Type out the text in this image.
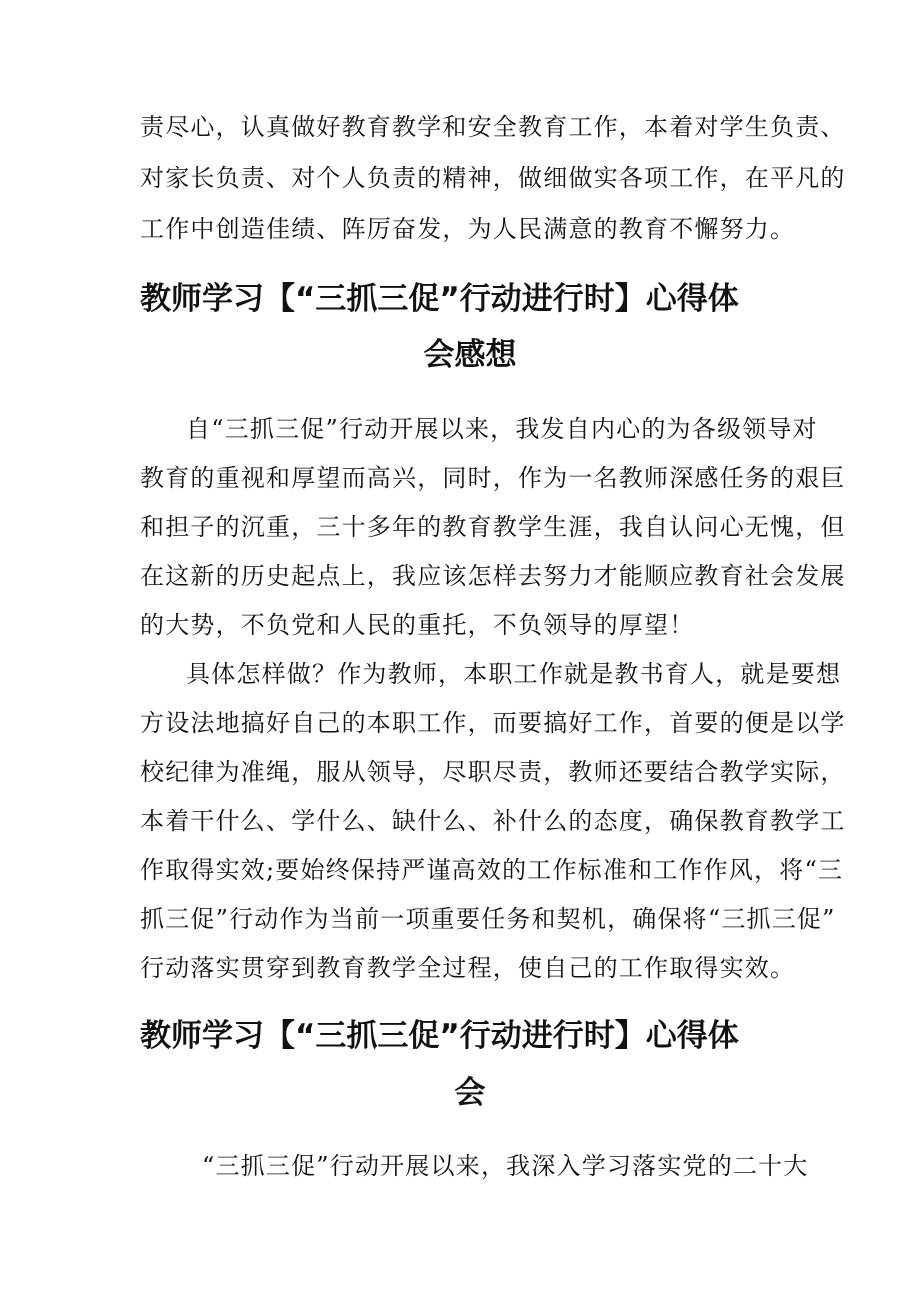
责尽心，认真做好教育教学和安全教育工作，本着对学生负责、
对家长负责、对个人负责的精神，做细做实各项工作，在平凡的
工作中创造佳绩、阵厉奋发，为人民满意的教育不懈努力。
教师学习【“三抓三促”行动进行时】心得体
会感想
自“三抓三促”行动开展以来，我发自内心的为各级领导对
教育的重视和厚望而高兴，同时，作为一名教师深感任务的艰巨
和担子的沉重，三十多年的教育教学生涯，我自认问心无愧，但
在这新的历史起点上，我应该怎样去努力才能顺应教育社会发展
的大势，不负党和人民的重托，不负领导的厚望！
具体怎样做？作为教师，本职工作就是教书育人，就是要想
方设法地搞好自己的本职工作，而要搞好工作，首要的便是以学
校纪律为准绳，服从领导，尽职尽责，教师还要结合教学实际，
本着干什么、学什么、缺什么、补什么的态度，确保教育教学工
作取得实效;要始终保持严谨高效的工作标准和工作作风，将“三
抓三促”行动作为当前一项重要任务和契机，确保将“三抓三促”
行动落实贯穿到教育教学全过程，使自己的工作取得实效。
教师学习【“三抓三促”行动进行时】心得体
会
“三抓三促”行动开展以来，我深入学习落实党的二十大
